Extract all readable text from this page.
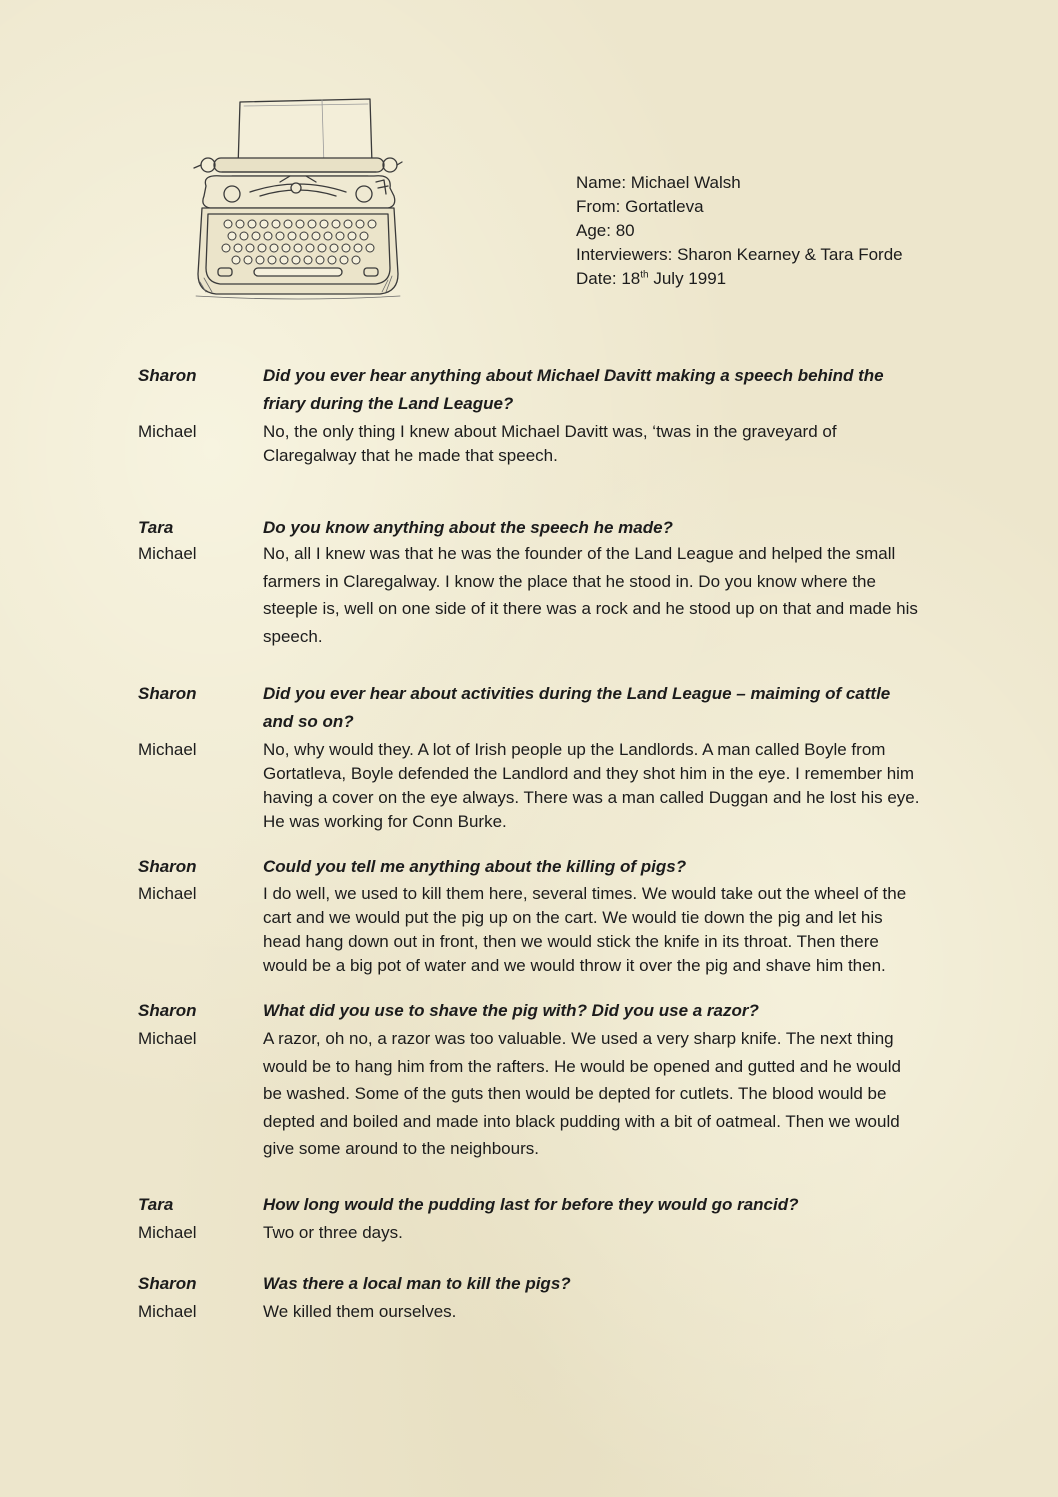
Name: Michael Walsh
From: Gortatleva
Age: 80
Interviewers: Sharon Kearney & Tara Forde
Date: 18th July 1991
Sharon	Did you ever hear anything about Michael Davitt making a speech behind the friary during the Land League?
Michael	No, the only thing I knew about Michael Davitt was, ‘twas in the graveyard of Claregalway that he made that speech.
Tara	Do you know anything about the speech he made?
Michael	No, all I knew was that he was the founder of the Land League and helped the small farmers in Claregalway. I know the place that he stood in. Do you know where the steeple is, well on one side of it there was a rock and he stood up on that and made his speech.
Sharon	Did you ever hear about activities during the Land League – maiming of cattle and so on?
Michael	No, why would they. A lot of Irish people up the Landlords. A man called Boyle from Gortatleva, Boyle defended the Landlord and they shot him in the eye. I remember him having a cover on the eye always. There was a man called Duggan and he lost his eye. He was working for Conn Burke.
Sharon	Could you tell me anything about the killing of pigs?
Michael	I do well, we used to kill them here, several times. We would take out the wheel of the cart and we would put the pig up on the cart. We would tie down the pig and let his head hang down out in front, then we would stick the knife in its throat. Then there would be a big pot of water and we would throw it over the pig and shave him then.
Sharon	What did you use to shave the pig with? Did you use a razor?
Michael	A razor, oh no, a razor was too valuable. We used a very sharp knife. The next thing would be to hang him from the rafters. He would be opened and gutted and he would be washed. Some of the guts then would be depted for cutlets. The blood would be depted and boiled and made into black pudding with a bit of oatmeal. Then we would give some around to the neighbours.
Tara	How long would the pudding last for before they would go rancid?
Michael	Two or three days.
Sharon	Was there a local man to kill the pigs?
Michael	We killed them ourselves.
